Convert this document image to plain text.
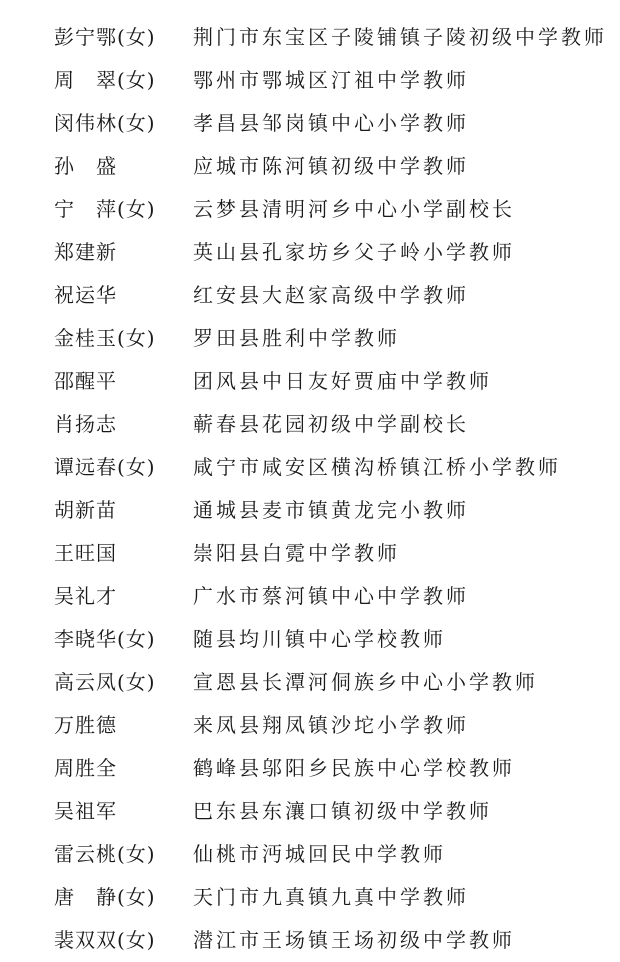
彭宁鄂(女) 荆门市东宝区子陵铺镇子陵初级中学教师
周　翠(女) 鄂州市鄂城区汀祖中学教师
闵伟林(女) 孝昌县邹岗镇中心小学教师
孙　盛	应城市陈河镇初级中学教师
宁　萍(女) 云梦县清明河乡中心小学副校长
郑建新	英山县孔家坊乡父子岭小学教师
祝运华	红安县大赵家高级中学教师
金桂玉(女) 罗田县胜利中学教师
邵醒平	团风县中日友好贾庙中学教师
肖扬志	蕲春县花园初级中学副校长
谭远春(女) 咸宁市咸安区横沟桥镇江桥小学教师
胡新苗	通城县麦市镇黄龙完小教师
王旺国	崇阳县白霓中学教师
吴礼才	广水市蔡河镇中心中学教师
李晓华(女) 随县均川镇中心学校教师
高云凤(女) 宣恩县长潭河侗族乡中心小学教师
万胜德	来凤县翔凤镇沙坨小学教师
周胜全	鹤峰县邬阳乡民族中心学校教师
吴祖军	巴东县东瀼口镇初级中学教师
雷云桃(女) 仙桃市沔城回民中学教师
唐　静(女) 天门市九真镇九真中学教师
裴双双(女) 潜江市王场镇王场初级中学教师
